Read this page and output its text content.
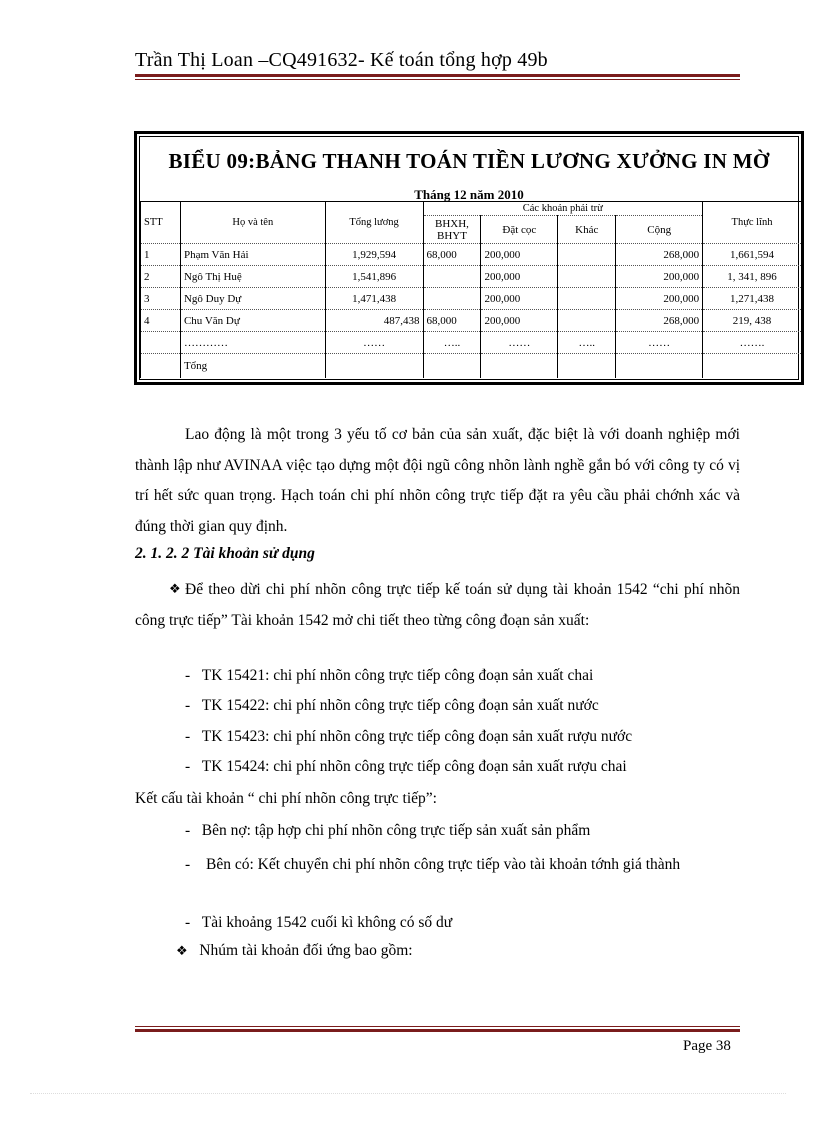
Trần Thị Loan –CQ491632- Kế toán tổng hợp 49b
BIỂU 09:BẢNG THANH TOÁN TIỀN LƯƠNG XƯỞNG IN MỜ
Tháng 12 năm 2010
STT	Họ và tên	Tổng lương	Các khoản phải trừ				Thực lĩnh
			BHXH, BHYT	Đặt cọc	Khác	Cộng	
1	Phạm Văn Hải	1,929,594	68,000	200,000		268,000	1,661,594
2	Ngô Thị Huệ	1,541,896		200,000		200,000	1, 341, 896
3	Ngô Duy Dự	1,471,438		200,000		200,000	1,271,438
4	Chu Văn Dự	487,438	68,000	200,000		268,000	219, 438
	…………	……	…..	……	…..	……	…….
	Tổng						
Lao động là một trong 3 yếu tố cơ bản của sản xuất, đặc biệt là với doanh nghiệp mới thành lập như AVINAA việc tạo dựng một đội ngũ công nhõn lành nghề gắn bó với công ty có vị trí hết sức quan trọng. Hạch toán chi phí nhõn công trực tiếp đặt ra yêu cầu phải chớnh xác và đúng thời gian quy định.
2. 1. 2. 2 Tài khoản sử dụng
❖ Để theo dừi chi phí nhõn công trực tiếp kế toán sử dụng tài khoản 1542 “chi phí nhõn công trực tiếp” Tài khoản 1542 mở chi tiết theo từng công đoạn sản xuất:
-   TK 15421: chi phí nhõn công trực tiếp công đoạn sản xuất chai
-   TK 15422: chi phí nhõn công trực tiếp công đoạn sản xuất nước
-   TK 15423: chi phí nhõn công trực tiếp công đoạn sản xuất rượu nước
-   TK 15424: chi phí nhõn công trực tiếp công đoạn sản xuất rượu chai
Kết cấu tài khoản “ chi phí nhõn công trực tiếp”:
-   Bên nợ: tập hợp chi phí nhõn công trực tiếp sản xuất sản phẩm
- Bên có: Kết chuyển chi phí nhõn công trực tiếp vào tài khoản tớnh giá thành
-   Tài khoảng 1542 cuối kì không có số dư
❖ Nhúm tài khoản đối ứng bao gồm:
Page 38
